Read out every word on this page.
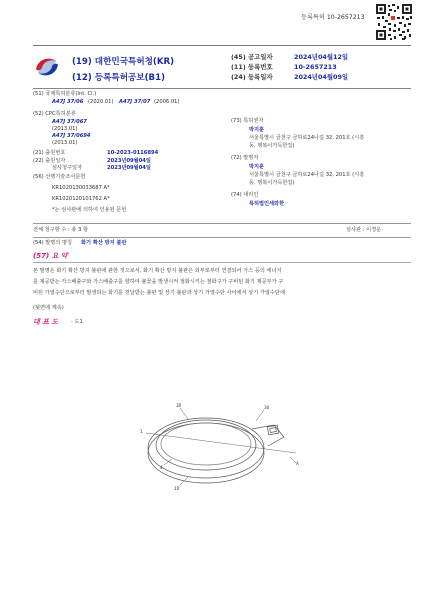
등록특허 10-2657213
(19) 대한민국특허청(KR)
(12) 등록특허공보(B1)
(45) 공고일자	2024년04월12일
(11) 등록번호	10-2657213
(24) 등록일자	2024년04월09일
(51) 국제특허분류(Int. Cl.)
A47J 37/06 (2020.01) A47J 37/07 (2006.01)
(52) CPC특허분류
A47J 37/067
(2013.01)
A47J 37/0694
(2013.01)
(21) 출원번호	10-2023-0116894
(22) 출원일자	2023년09월04일
심사청구일자	2023년09월04일
(56) 선행기술조사문헌
KR1020130033687 A*
KR1020120101762 A*
*는 심사관에 의하여 인용된 문헌
(73) 특허권자
박지훈
서울특별시 금천구 금하로24나길 32, 201호 (시흥
동, 행복이가득한집)
(72) 발명자
박지훈
서울특별시 금천구 금하로24나길 32, 201호 (시흥
동, 행복이가득한집)
(74) 대리인
특허법인세와한
전체 청구항 수 : 총 3 항	심사관 : 이경운
(54) 발명의 명칭 화기 확산 방지 불판
(57) 요 약
본 발명은 화기 확산 방지 불판에 관한 것으로서, 화기 확산 방지 불판은 외부로부터 연결되어 가스 등의 에너지
를 제공받는 가스배출구와 가스배출구를 향하여 불꽃을 발생시켜 점화시키는 점화구가 구비된 화기 제공부가 구
비된 가열수단으로부터 발생되는 화기를 전달받는 불판 및 상기 불판과 상기 가열수단 사이에서 상기 가열수단에
(뒷면에 계속)
대 표 도 - 도1
30	30
1
4
10
A
